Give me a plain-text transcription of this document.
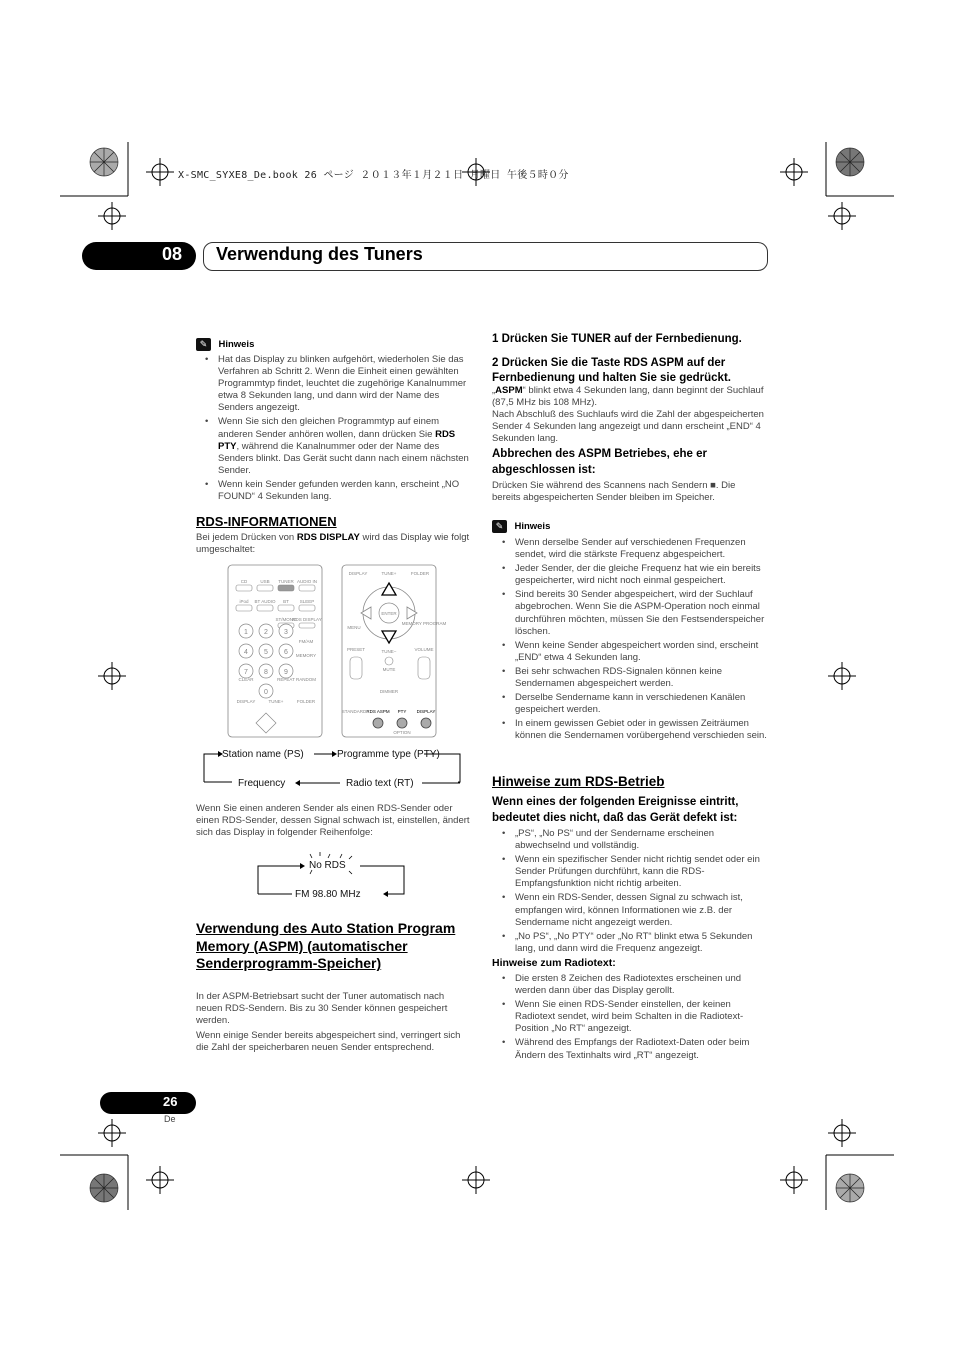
X-SMC_SYXE8_De.book 26 ページ ２０１３年１月２１日 月曜日 午後５時０分
08 Verwendung des Tuners
✎ Hinweis
• Hat das Display zu blinken aufgehört, wiederholen Sie das Verfahren ab Schritt 2. Wenn die Einheit einen gewählten Programmtyp findet, leuchtet die zugehörige Kanalnummer etwa 8 Sekunden lang, und dann wird der Name des Senders angezeigt.
• Wenn Sie sich den gleichen Programmtyp auf einem anderen Sender anhören wollen, dann drücken Sie RDS PTY, während die Kanalnummer oder der Name des Senders blinkt. Das Gerät sucht dann nach einem nächsten Sender.
• Wenn kein Sender gefunden werden kann, erscheint „NO FOUND“ 4 Sekunden lang.
RDS-INFORMATIONEN
Bei jedem Drücken von RDS DISPLAY wird das Display wie folgt umgeschaltet:
CD	USB TUNER AUDIO IN
iPod BT AUDIO BT SLEEP
ST/MONO
RDS DISPLAY
1 2 3
4 5 6
7 8 9
0
FM/AM
MEMORY
REPEAT RANDOM
CLEAR
DISPLAY	TUNE+	FOLDER
DISPLAY	TUNE+	FOLDER
ENTER
MENU
MEMORY PROGRAM
PRESET	TUNE−	VOLUME
MUTE
DIMMER
STANDARD RDS ASPM PTY DISPLAY
OPTION
Station name (PS)	Programme type (PTY)
Frequency	Radio text (RT)
Wenn Sie einen anderen Sender als einen RDS-Sender oder einen RDS-Sender, dessen Signal schwach ist, einstellen, ändert sich das Display in folgender Reihenfolge:
No RDS
FM 98.80 MHz
Verwendung des Auto Station Program Memory (ASPM) (automatischer Senderprogramm-Speicher)
In der ASPM-Betriebsart sucht der Tuner automatisch nach neuen RDS-Sendern. Bis zu 30 Sender können gespeichert werden.
Wenn einige Sender bereits abgespeichert sind, verringert sich die Zahl der speicherbaren neuen Sender entsprechend.
1 Drücken Sie TUNER auf der Fernbedienung.
2 Drücken Sie die Taste RDS ASPM auf der Fernbedienung und halten Sie sie gedrückt.
„ASPM“ blinkt etwa 4 Sekunden lang, dann beginnt der Suchlauf (87,5 MHz bis 108 MHz).
Nach Abschluß des Suchlaufs wird die Zahl der abgespeicherten Sender 4 Sekunden lang angezeigt und dann erscheint „END“ 4 Sekunden lang.
Abbrechen des ASPM Betriebes, ehe er abgeschlossen ist:
Drücken Sie während des Scannens nach Sendern ■. Die bereits abgespeicherten Sender bleiben im Speicher.
✎ Hinweis
• Wenn derselbe Sender auf verschiedenen Frequenzen sendet, wird die stärkste Frequenz abgespeichert.
• Jeder Sender, der die gleiche Frequenz hat wie ein bereits gespeicherter, wird nicht noch einmal gespeichert.
• Sind bereits 30 Sender abgespeichert, wird der Suchlauf abgebrochen. Wenn Sie die ASPM-Operation noch einmal durchführen möchten, müssen Sie den Festsenderspeicher löschen.
• Wenn keine Sender abgespeichert worden sind, erscheint „END“ etwa 4 Sekunden lang.
• Bei sehr schwachen RDS-Signalen können keine Sendernamen abgespeichert werden.
• Derselbe Sendername kann in verschiedenen Kanälen gespeichert werden.
• In einem gewissen Gebiet oder in gewissen Zeiträumen können die Sendernamen vorübergehend verschieden sein.
Hinweise zum RDS-Betrieb
Wenn eines der folgenden Ereignisse eintritt, bedeutet dies nicht, daß das Gerät defekt ist:
• „PS“, „No PS“ und der Sendername erscheinen abwechselnd und vollständig.
• Wenn ein spezifischer Sender nicht richtig sendet oder ein Sender Prüfungen durchführt, kann die RDS-Empfangsfunktion nicht richtig arbeiten.
• Wenn ein RDS-Sender, dessen Signal zu schwach ist, empfangen wird, können Informationen wie z.B. der Sendername nicht angezeigt werden.
• „No PS“, „No PTY“ oder „No RT“ blinkt etwa 5 Sekunden lang, und dann wird die Frequenz angezeigt.
Hinweise zum Radiotext:
• Die ersten 8 Zeichen des Radiotextes erscheinen und werden dann über das Display gerollt.
• Wenn Sie einen RDS-Sender einstellen, der keinen Radiotext sendet, wird beim Schalten in die Radiotext-Position „No RT“ angezeigt.
• Während des Empfangs der Radiotext-Daten oder beim Ändern des Textinhalts wird „RT“ angezeigt.
26
De
